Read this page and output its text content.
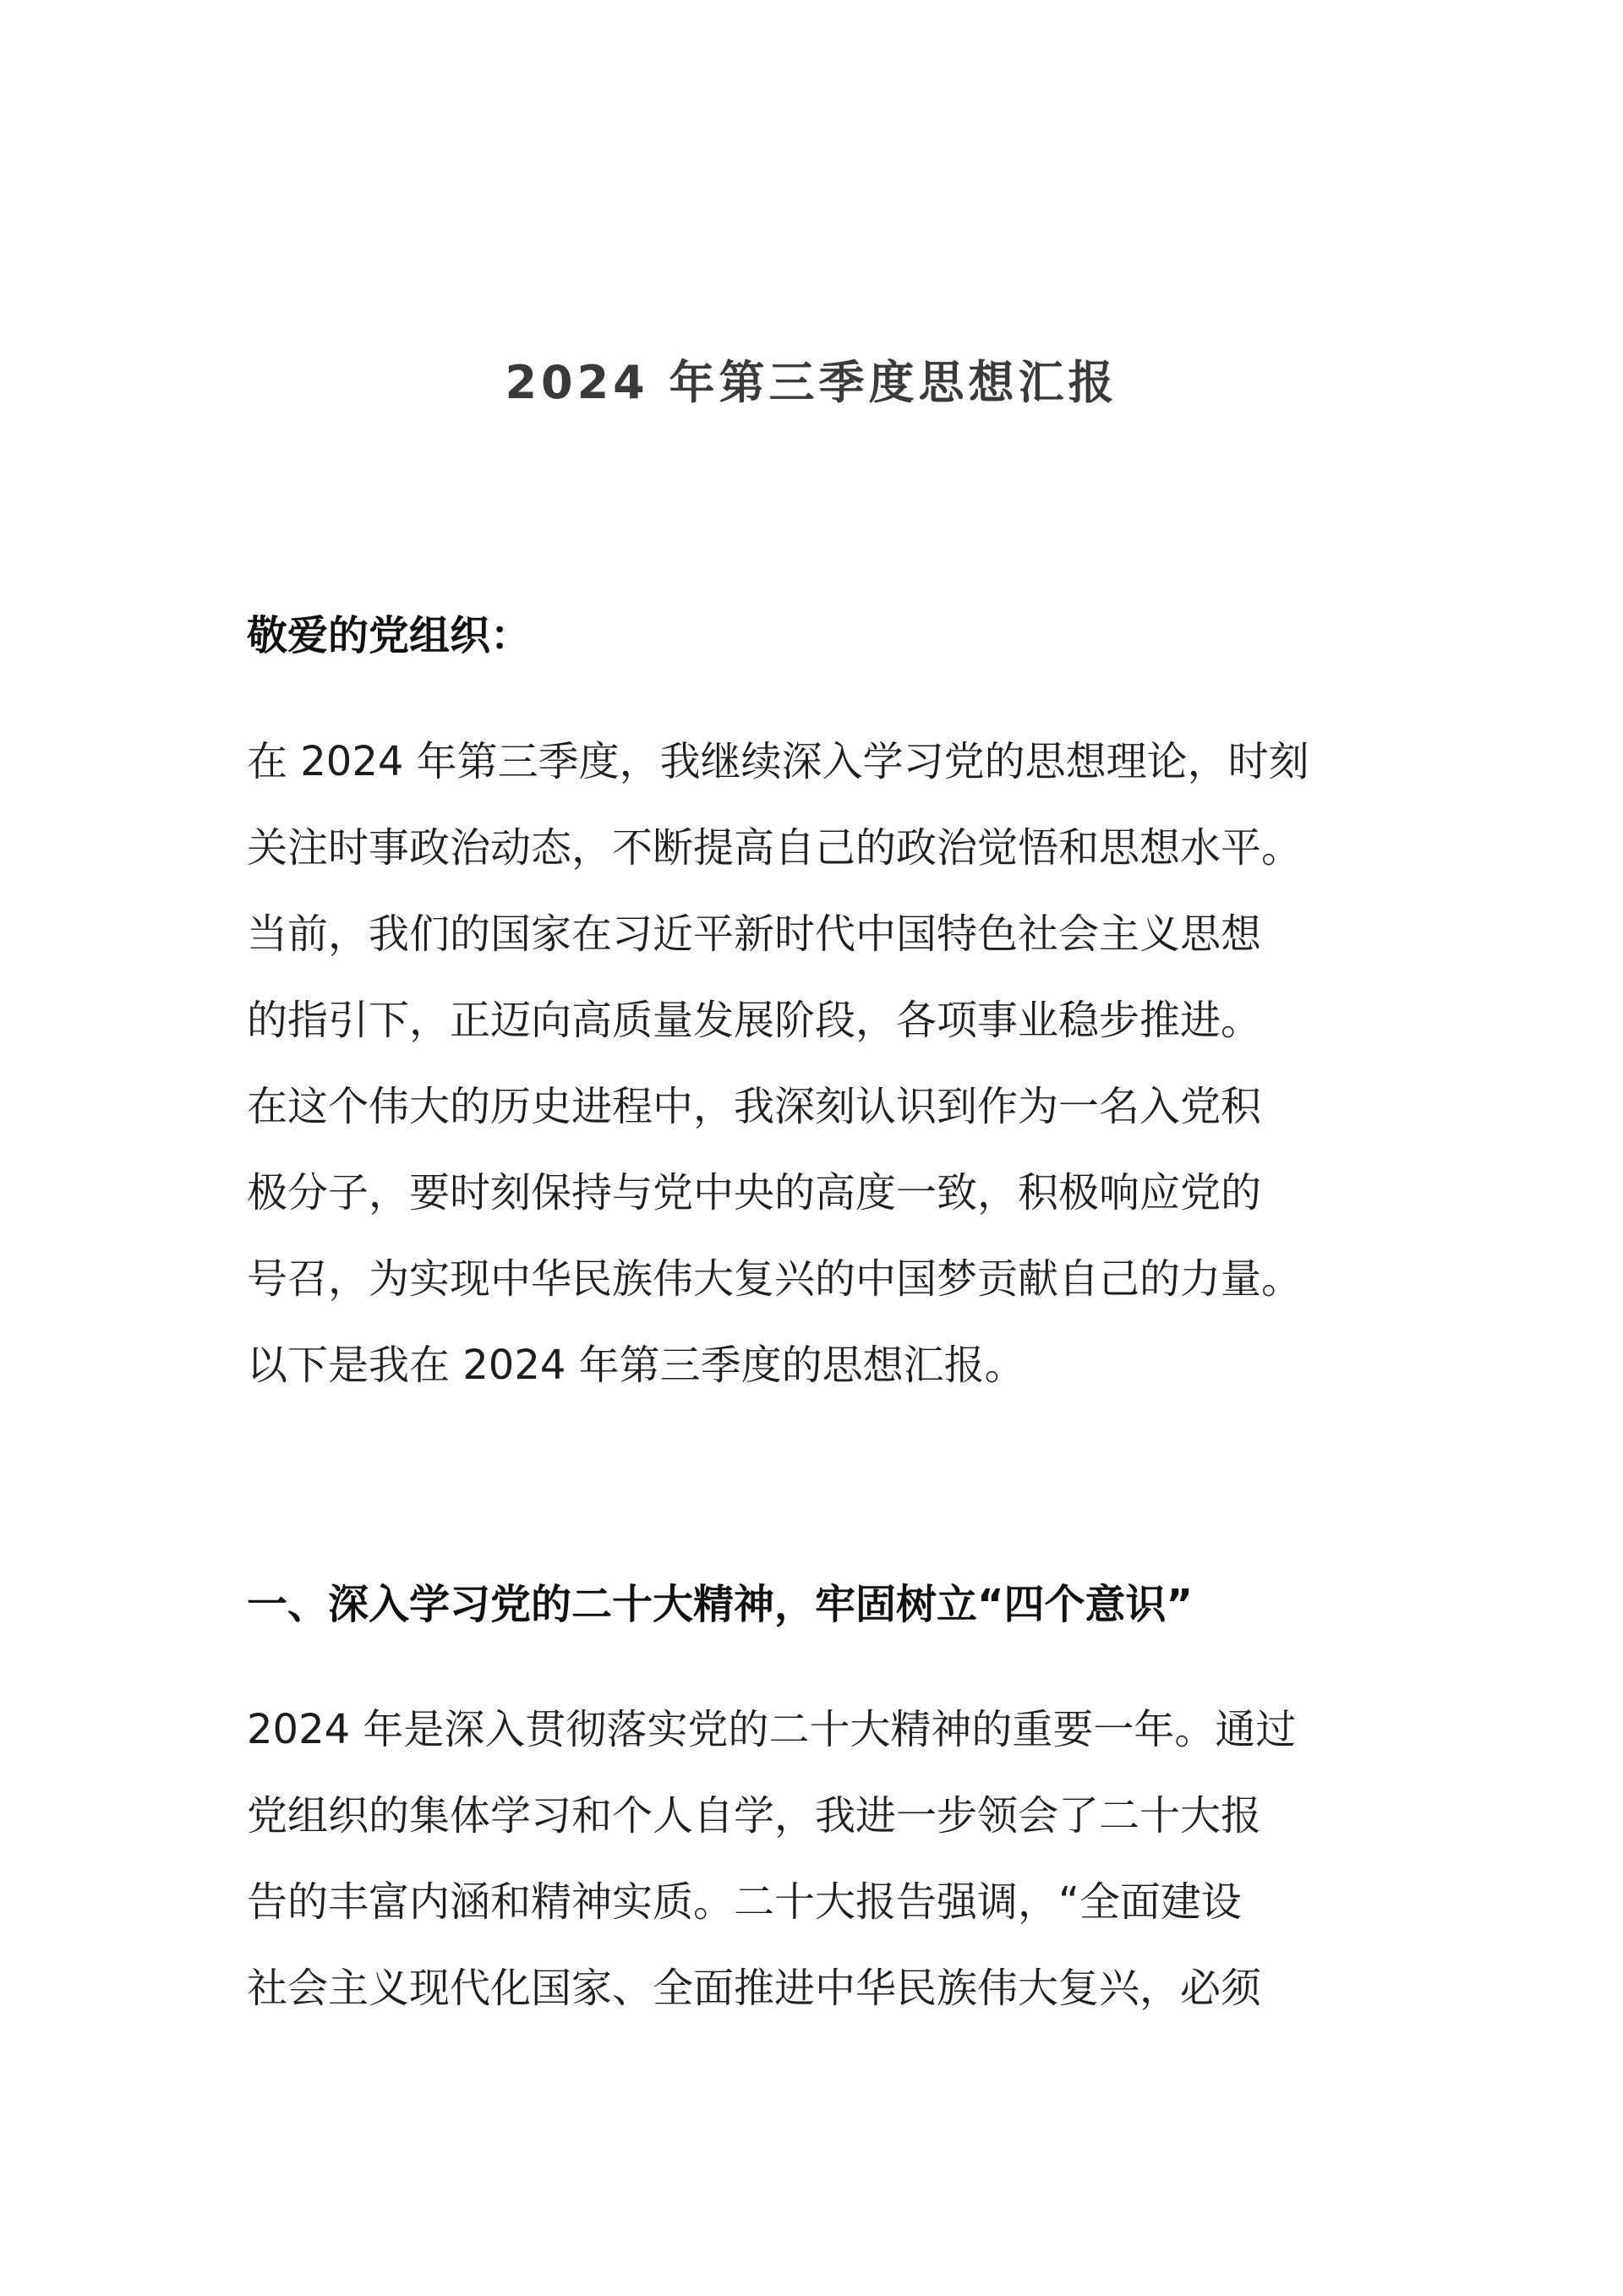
2024 年第三季度思想汇报
敬爱的党组织：
在 2024 年第三季度，我继续深入学习党的思想理论，时刻
关注时事政治动态，不断提高自己的政治觉悟和思想水平。
当前，我们的国家在习近平新时代中国特色社会主义思想
的指引下，正迈向高质量发展阶段，各项事业稳步推进。
在这个伟大的历史进程中，我深刻认识到作为一名入党积
极分子，要时刻保持与党中央的高度一致，积极响应党的
号召，为实现中华民族伟大复兴的中国梦贡献自己的力量。
以下是我在 2024 年第三季度的思想汇报。
一、深入学习党的二十大精神，牢固树立“四个意识”
2024 年是深入贯彻落实党的二十大精神的重要一年。通过
党组织的集体学习和个人自学，我进一步领会了二十大报
告的丰富内涵和精神实质。二十大报告强调，“全面建设
社会主义现代化国家、全面推进中华民族伟大复兴，必须
